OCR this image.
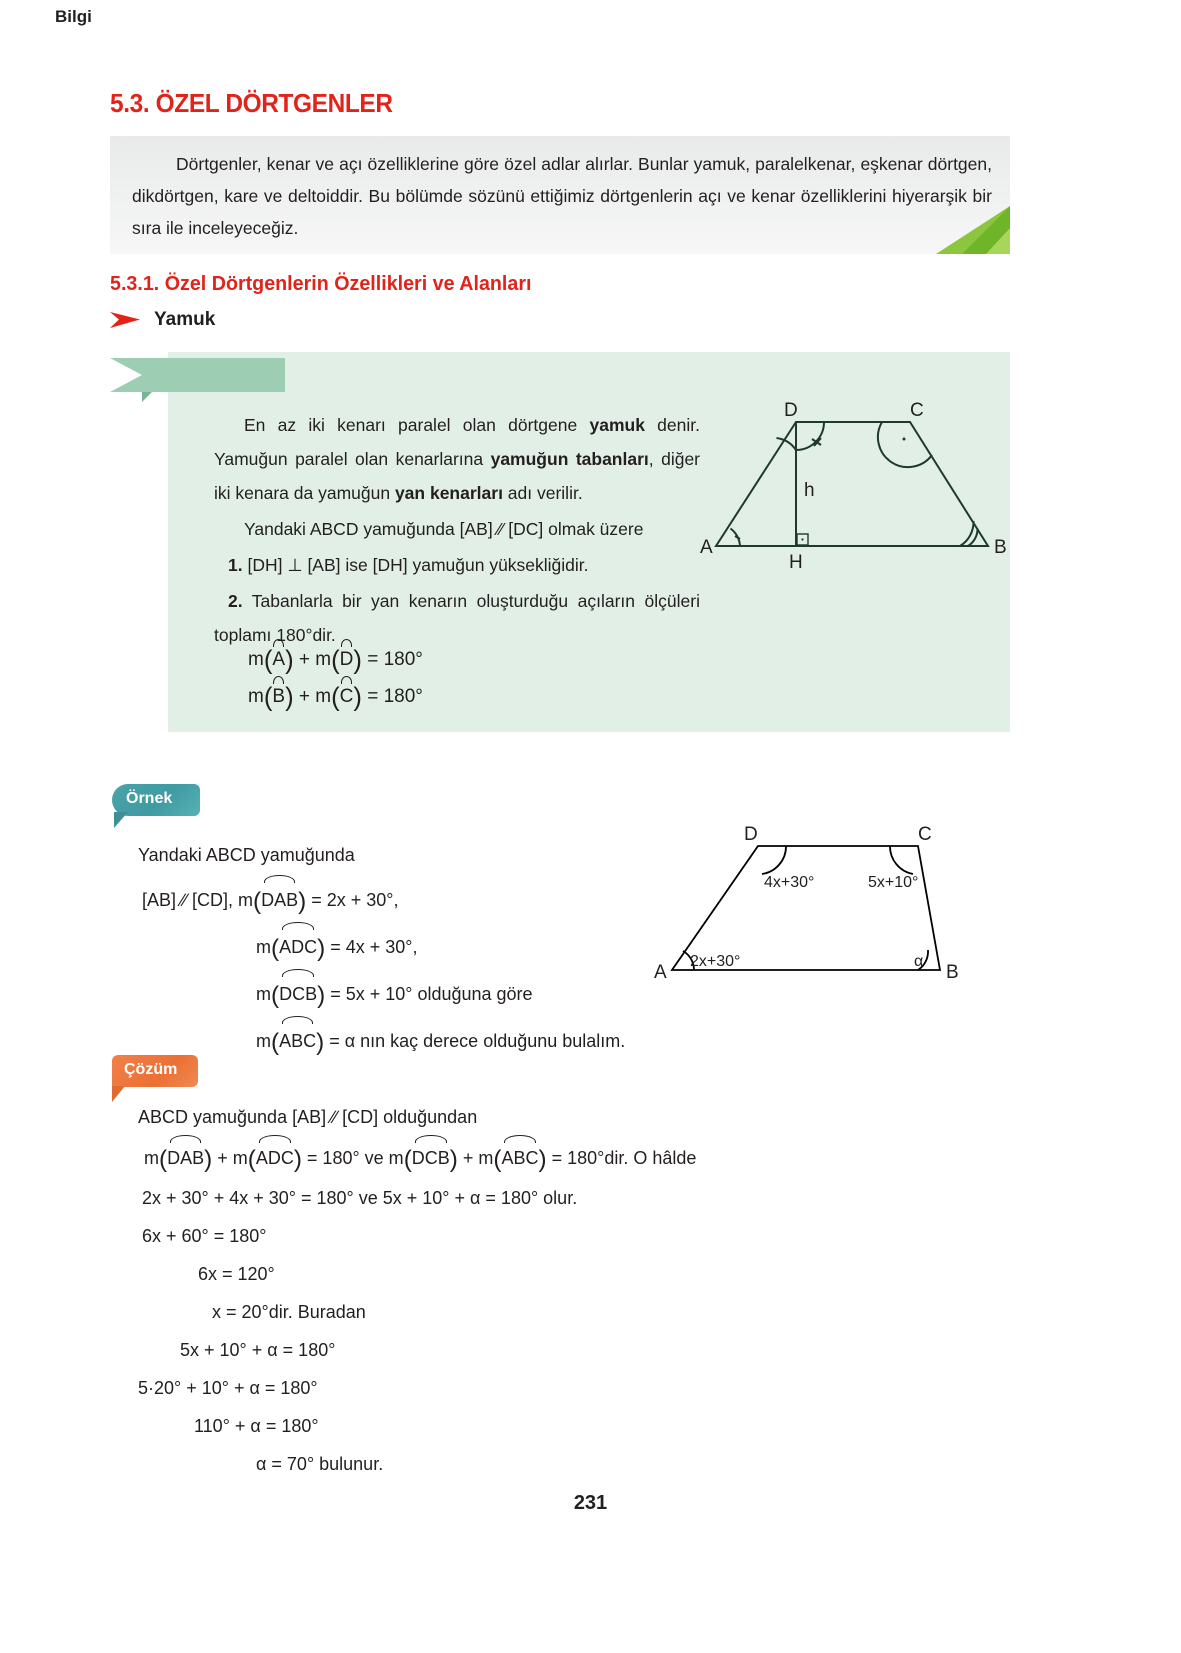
5.3. ÖZEL DÖRTGENLER
Dörtgenler, kenar ve açı özelliklerine göre özel adlar alırlar. Bunlar yamuk, paralelkenar, eşkenar dörtgen, dikdörtgen, kare ve deltoiddir. Bu bölümde sözünü ettiğimiz dörtgenlerin açı ve kenar özelliklerini hiyerarşik bir sıra ile inceleyeceğiz.
5.3.1. Özel Dörtgenlerin Özellikleri ve Alanları
Yamuk
Bilgi

En az iki kenarı paralel olan dörtgene yamuk denir. Yamuğun paralel olan kenarlarına yamuğun tabanları, diğer iki kenara da yamuğun yan kenarları adı verilir.

Yandaki ABCD yamuğunda [AB] ∕∕ [DC] olmak üzere

1. [DH] ⊥ [AB] ise [DH] yamuğun yüksekliğidir.

2. Tabanlarla bir yan kenarın oluşturduğu açıların ölçüleri toplamı 180°dir.

m(A) + m(D) = 180°
m(B) + m(C) = 180°
A	B
C
D
H
h
Örnek
Yandaki ABCD yamuğunda
[AB] ∕∕ [CD], m(DAB) = 2x + 30°,
m(ADC) = 4x + 30°,
m(DCB) = 5x + 10° olduğuna göre
m(ABC) = α nın kaç derece olduğunu bulalım.
D	C
A	B
4x+30°	5x+10°
2x+30°	α
Çözüm
ABCD yamuğunda [AB] ∕∕ [CD] olduğundan
m(DAB) + m(ADC) = 180° ve m(DCB) + m(ABC) = 180°dir. O hâlde
2x + 30° + 4x + 30° = 180° ve 5x + 10° + α = 180° olur.
6x + 60° = 180°
6x = 120°
x = 20°dir. Buradan
5x + 10° + α = 180°
5·20° + 10° + α = 180°
110° + α = 180°
α = 70° bulunur.
231
